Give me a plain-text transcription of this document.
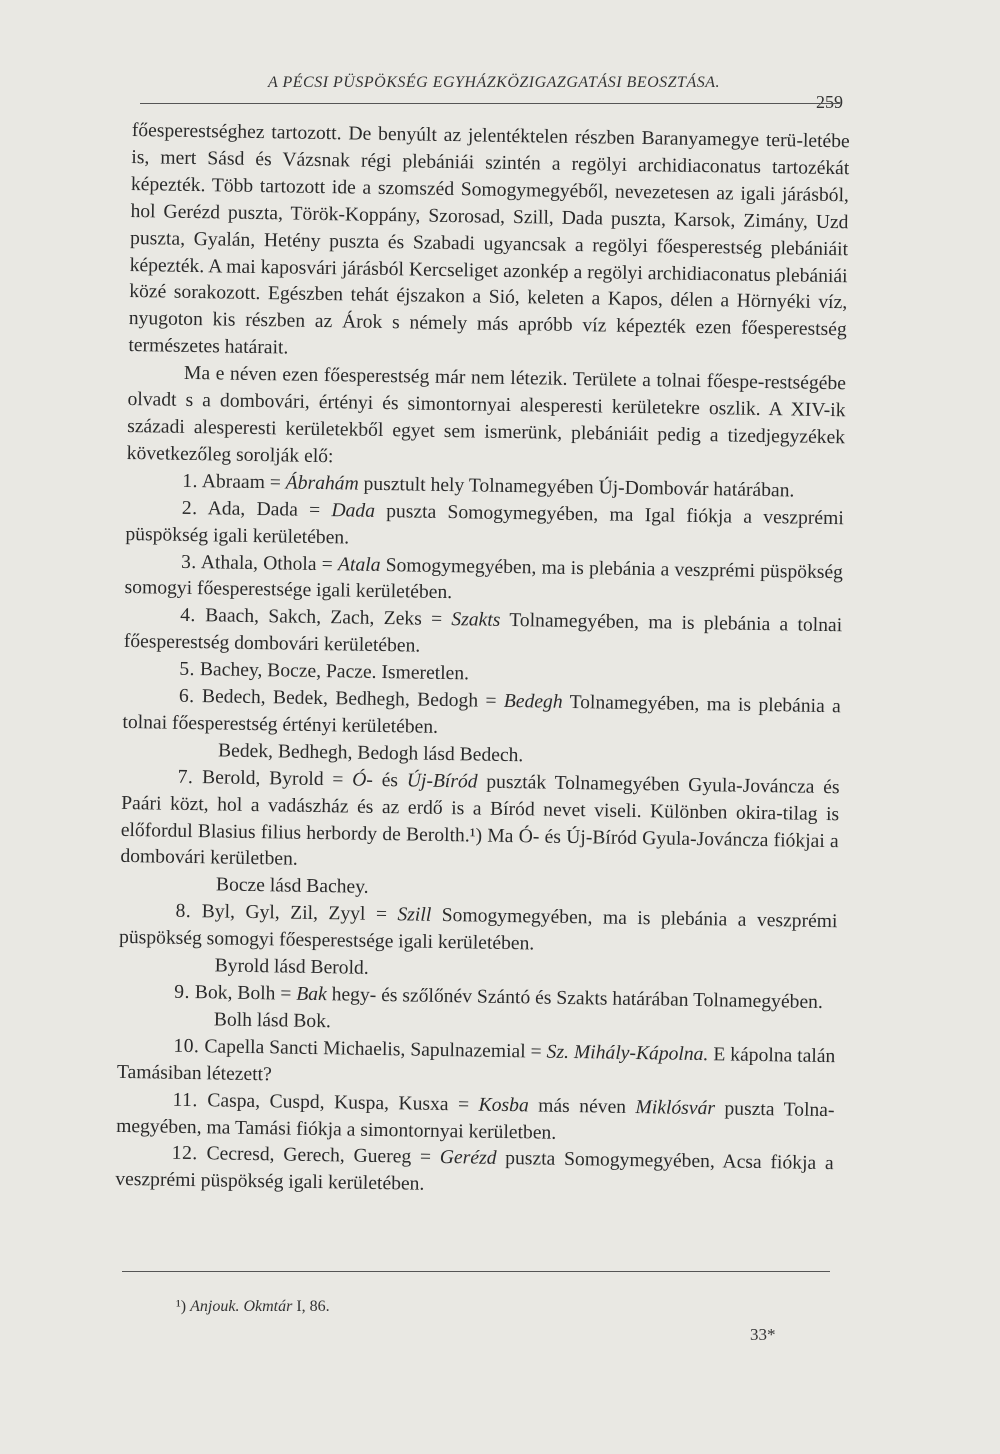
A PÉCSI PÜSPÖKSÉG EGYHÁZKÖZIGAZGATÁSI BEOSZTÁSA.
259

főesperestséghez tartozott. De benyúlt az jelentéktelen részben Baranyamegye terü-letébe is, mert Sásd és Vázsnak régi plebániái szintén a regölyi archidiaconatus tartozékát képezték. Több tartozott ide a szomszéd Somogymegyéből, nevezetesen az igali járásból, hol Gerézd puszta, Török-Koppány, Szorosad, Szill, Dada puszta, Karsok, Zimány, Uzd puszta, Gyalán, Hetény puszta és Szabadi ugyancsak a regölyi főesperestség plebániáit képezték. A mai kaposvári járásból Kercseliget azonkép a regölyi archidiaconatus plebániái közé sorakozott. Egészben tehát éjszakon a Sió, keleten a Kapos, délen a Hörnyéki víz, nyugoton kis részben az Árok s némely más apróbb víz képezték ezen főesperestség természetes határait.

Ma e néven ezen főesperestség már nem létezik. Területe a tolnai főespe-restségébe olvadt s a dombovári, értényi és simontornyai alesperesti kerületekre oszlik. A XIV-ik századi alesperesti kerületekből egyet sem ismerünk, plebániáit pedig a tizedjegyzékek következőleg sorolják elő:

1. Abraam = Ábrahám pusztult hely Tolnamegyében Új-Dombovár határában.

2. Ada, Dada = Dada puszta Somogymegyében, ma Igal fiókja a veszprémi püspökség igali kerületében.

3. Athala, Othola = Atala Somogymegyében, ma is plebánia a veszprémi püspökség somogyi főesperestsége igali kerületében.

4. Baach, Sakch, Zach, Zeks = Szakts Tolnamegyében, ma is plebánia a tolnai főesperestség dombovári kerületében.

5. Bachey, Bocze, Pacze. Ismeretlen.

6. Bedech, Bedek, Bedhegh, Bedogh = Bedegh Tolnamegyében, ma is plebánia a tolnai főesperestség értényi kerületében.

Bedek, Bedhegh, Bedogh lásd Bedech.

7. Berold, Byrold = Ó- és Új-Bíród puszták Tolnamegyében Gyula-Jováncza és Paári közt, hol a vadászház és az erdő is a Bíród nevet viseli. Különben okira-tilag is előfordul Blasius filius herbordy de Berolth.¹) Ma Ó- és Új-Bíród Gyula-Jováncza fiókjai a dombovári kerületben.

Bocze lásd Bachey.

8. Byl, Gyl, Zil, Zyyl = Szill Somogymegyében, ma is plebánia a veszprémi püspökség somogyi főesperestsége igali kerületében.

Byrold lásd Berold.

9. Bok, Bolh = Bak hegy- és szőlőnév Szántó és Szakts határában Tolnamegyében.

Bolh lásd Bok.

10. Capella Sancti Michaelis, Sapulnazemial = Sz. Mihály-Kápolna. E kápolna talán Tamásiban létezett?

11. Caspa, Cuspd, Kuspa, Kusxa = Kosba más néven Miklósvár puszta Tolna-megyében, ma Tamási fiókja a simontornyai kerületben.

12. Cecresd, Gerech, Guereg = Gerézd puszta Somogymegyében, Acsa fiókja a veszprémi püspökség igali kerületében.

¹) Anjouk. Okmtár I, 86.
33*
